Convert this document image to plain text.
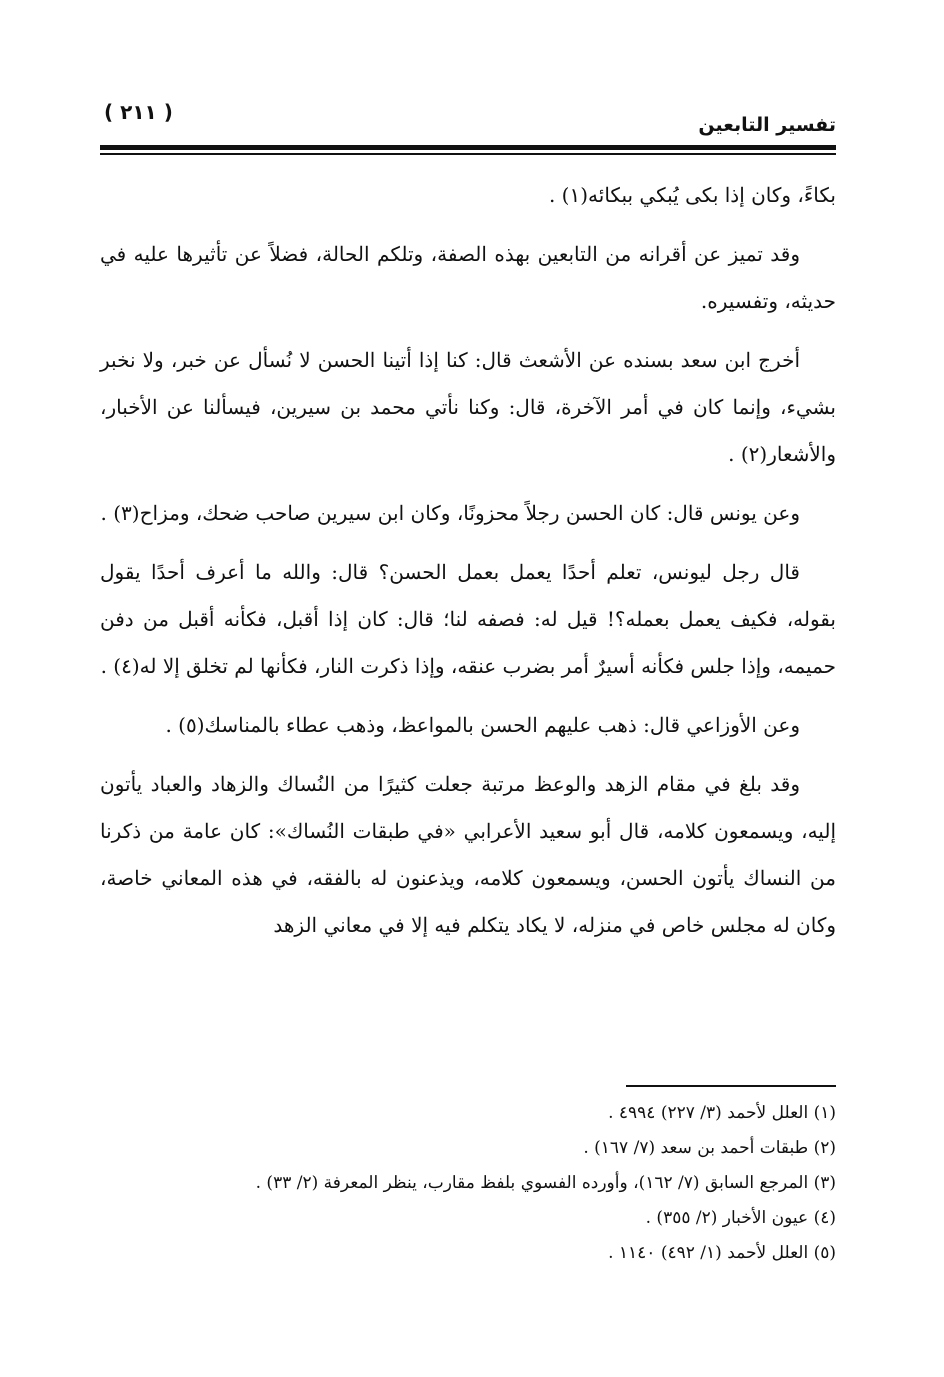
( ٢١١ )
تفسير التابعين

بكاءً، وكان إذا بكى يُبكي ببكائه(١) .

وقد تميز عن أقرانه من التابعين بهذه الصفة، وتلكم الحالة، فضلاً عن تأثيرها عليه في حديثه، وتفسيره.

أخرج ابن سعد بسنده عن الأشعث قال: كنا إذا أتينا الحسن لا نُسأل عن خبر، ولا نخبر بشيء، وإنما كان في أمر الآخرة، قال: وكنا نأتي محمد بن سيرين، فيسألنا عن الأخبار، والأشعار(٢) .

وعن يونس قال: كان الحسن رجلاً محزونًا، وكان ابن سيرين صاحب ضحك، ومزاح(٣) .

قال رجل ليونس، تعلم أحدًا يعمل بعمل الحسن؟ قال: والله ما أعرف أحدًا يقول بقوله، فكيف يعمل بعمله؟! قيل له: فصفه لنا؛ قال: كان إذا أقبل، فكأنه أقبل من دفن حميمه، وإذا جلس فكأنه أسيرٌ أمر بضرب عنقه، وإذا ذكرت النار، فكأنها لم تخلق إلا له(٤) .

وعن الأوزاعي قال: ذهب عليهم الحسن بالمواعظ، وذهب عطاء بالمناسك(٥) .

وقد بلغ في مقام الزهد والوعظ مرتبة جعلت كثيرًا من النُساك والزهاد والعباد يأتون إليه، ويسمعون كلامه، قال أبو سعيد الأعرابي «في طبقات النُساك»: كان عامة من ذكرنا من النساك يأتون الحسن، ويسمعون كلامه، ويذعنون له بالفقه، في هذه المعاني خاصة، وكان له مجلس خاص في منزله، لا يكاد يتكلم فيه إلا في معاني الزهد

(١) العلل لأحمد (٣/ ٢٢٧) ٤٩٩٤ .

(٢) طبقات أحمد بن سعد (٧/ ١٦٧) .

(٣) المرجع السابق (٧/ ١٦٢)، وأورده الفسوي بلفظ مقارب، ينظر المعرفة (٢/ ٣٣) .

(٤) عيون الأخبار (٢/ ٣٥٥) .

(٥) العلل لأحمد (١/ ٤٩٢) ١١٤٠ .
